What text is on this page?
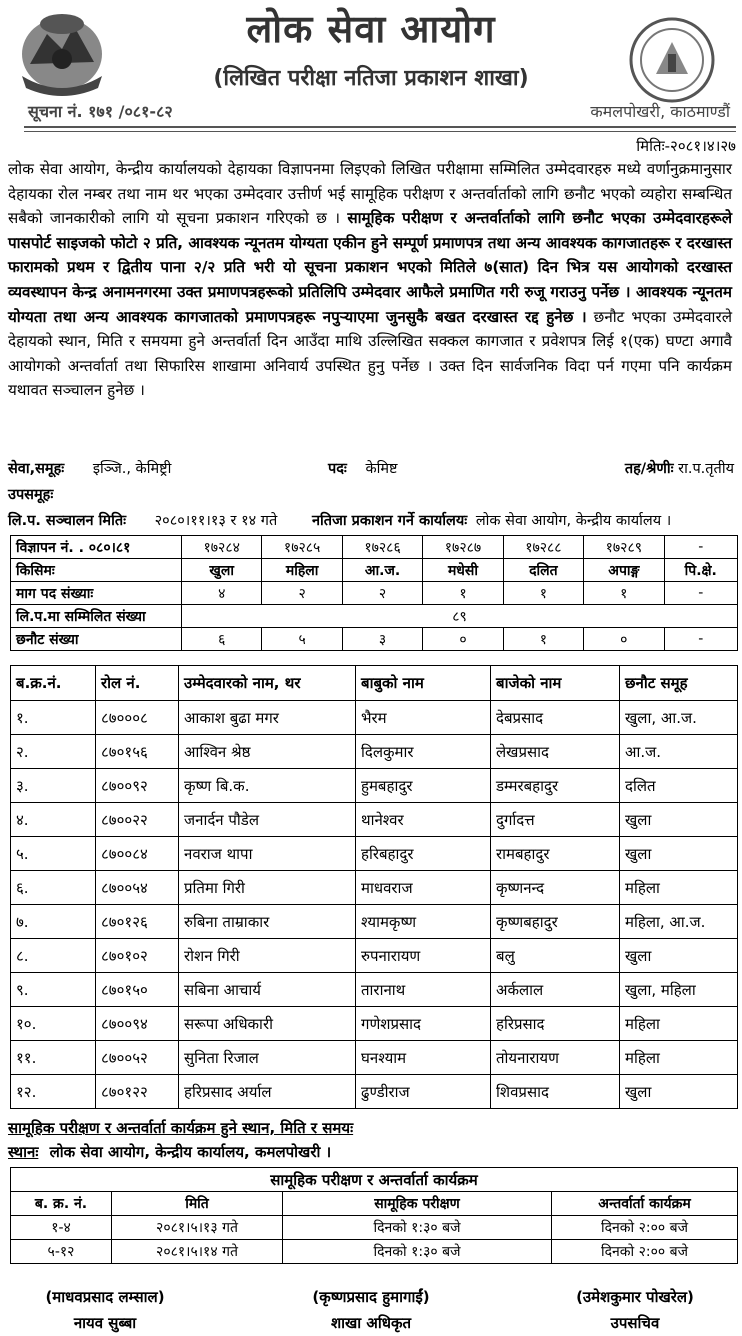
लोक सेवा आयोग
(लिखित परीक्षा नतिजा प्रकाशन शाखा)
सूचना नं. १७१ /०८१-८२	कमलपोखरी, काठमाण्डौं
मितिः-२०८१।४।२७
लोक सेवा आयोग, केन्द्रीय कार्यालयको देहायका विज्ञापनमा लिइएको लिखित परीक्षामा सम्मिलित उम्मेदवारहरु मध्ये वर्णानुक्रमानुसार देहायका रोल नम्बर तथा नाम थर भएका उम्मेदवार उत्तीर्ण भई सामूहिक परीक्षण र अन्तर्वार्ताको लागि छनौट भएको व्यहोरा सम्बन्धित सबैको जानकारीको लागि यो सूचना प्रकाशन गरिएको छ । सामूहिक परीक्षण र अन्तर्वार्ताको लागि छनौट भएका उम्मेदवारहरूले पासपोर्ट साइजको फोटो २ प्रति, आवश्यक न्यूनतम योग्यता एकीन हुने सम्पूर्ण प्रमाणपत्र तथा अन्य आवश्यक कागजातहरू र दरखास्त फारामको प्रथम र द्वितीय पाना २/२ प्रति भरी यो सूचना प्रकाशन भएको मितिले ७(सात) दिन भित्र यस आयोगको दरखास्त व्यवस्थापन केन्द्र अनामनगरमा उक्त प्रमाणपत्रहरूको प्रतिलिपि उम्मेदवार आफैले प्रमाणित गरी रुजू गराउनु पर्नेछ । आवश्यक न्यूनतम योग्यता तथा अन्य आवश्यक कागजातको प्रमाणपत्रहरू नपुऱ्याएमा जुनसुकै बखत दरखास्त रद्द हुनेछ । छनौट भएका उम्मेदवारले देहायको स्थान, मिति र समयमा हुने अन्तर्वार्ता दिन आउँदा माथि उल्लिखित सक्कल कागजात र प्रवेशपत्र लिई १(एक) घण्टा अगावै आयोगको अन्तर्वार्ता तथा सिफारिस शाखामा अनिवार्य उपस्थित हुनु पर्नेछ । उक्त दिन सार्वजनिक विदा पर्न गएमा पनि कार्यक्रम यथावत सञ्चालन हुनेछ ।
सेवा,समूहः इञ्जि., केमिष्ट्री	पदः केमिष्ट	तह/श्रेणीः रा.प.तृतीय
उपसमूहः
लि.प. सञ्चालन मितिः २०८०।११।१३ र १४ गते नतिजा प्रकाशन गर्ने कार्यालयः लोक सेवा आयोग, केन्द्रीय कार्यालय ।
विज्ञापन नं. . ०८०।८१	१७२८४	१७२८५	१७२८६	१७२८७	१७२८८	१७२८९	-
किसिमः	खुला	महिला	आ.ज.	मधेसी	दलित	अपाङ्ग	पि.क्षे.
माग पद संख्याः	४	२	२	१	१	१	-
लि.प.मा सम्मिलित संख्या	८९						
छनौट संख्या	६	५	३	०	१	०	-
ब.क्र.नं.	रोल नं.	उम्मेदवारको नाम, थर	बाबुको नाम	बाजेको नाम	छनौट समूह
१.	८७०००८	आकाश बुढा मगर	भैरम	देबप्रसाद	खुला, आ.ज.
२.	८७०१५६	आश्विन श्रेष्ठ	दिलकुमार	लेखप्रसाद	आ.ज.
३.	८७००९२	कृष्ण बि.क.	हुमबहादुर	डम्मरबहादुर	दलित
४.	८७००२२	जनार्दन पौडेल	थानेश्वर	दुर्गादत्त	खुला
५.	८७००८४	नवराज थापा	हरिबहादुर	रामबहादुर	खुला
६.	८७००५४	प्रतिमा गिरी	माधवराज	कृष्णनन्द	महिला
७.	८७०१२६	रुबिना ताम्राकार	श्यामकृष्ण	कृष्णबहादुर	महिला, आ.ज.
८.	८७०१०२	रोशन गिरी	रुपनारायण	बलु	खुला
९.	८७०१५०	सबिना आचार्य	तारानाथ	अर्कलाल	खुला, महिला
१०.	८७००९४	सरूपा अधिकारी	गणेशप्रसाद	हरिप्रसाद	महिला
११.	८७००५२	सुनिता रिजाल	घनश्याम	तोयनारायण	महिला
१२.	८७०१२२	हरिप्रसाद अर्याल	ढुण्डीराज	शिवप्रसाद	खुला
सामूहिक परीक्षण र अन्तर्वार्ता कार्यक्रम हुने स्थान, मिति र समयः
स्थानः लोक सेवा आयोग, केन्द्रीय कार्यालय, कमलपोखरी ।
सामूहिक परीक्षण र अन्तर्वार्ता कार्यक्रम			
ब. क्र. नं.	मिति	सामूहिक परीक्षण	अन्तर्वार्ता कार्यक्रम
१-४	२०८१।५।१३ गते	दिनको १:३० बजे	दिनको २:०० बजे
५-१२	२०८१।५।१४ गते	दिनको १:३० बजे	दिनको २:०० बजे
(माधवप्रसाद लम्साल)
नायव सुब्बा
(कृष्णप्रसाद हुमागाईं)
शाखा अधिकृत
(उमेशकुमार पोखरेल)
उपसचिव
